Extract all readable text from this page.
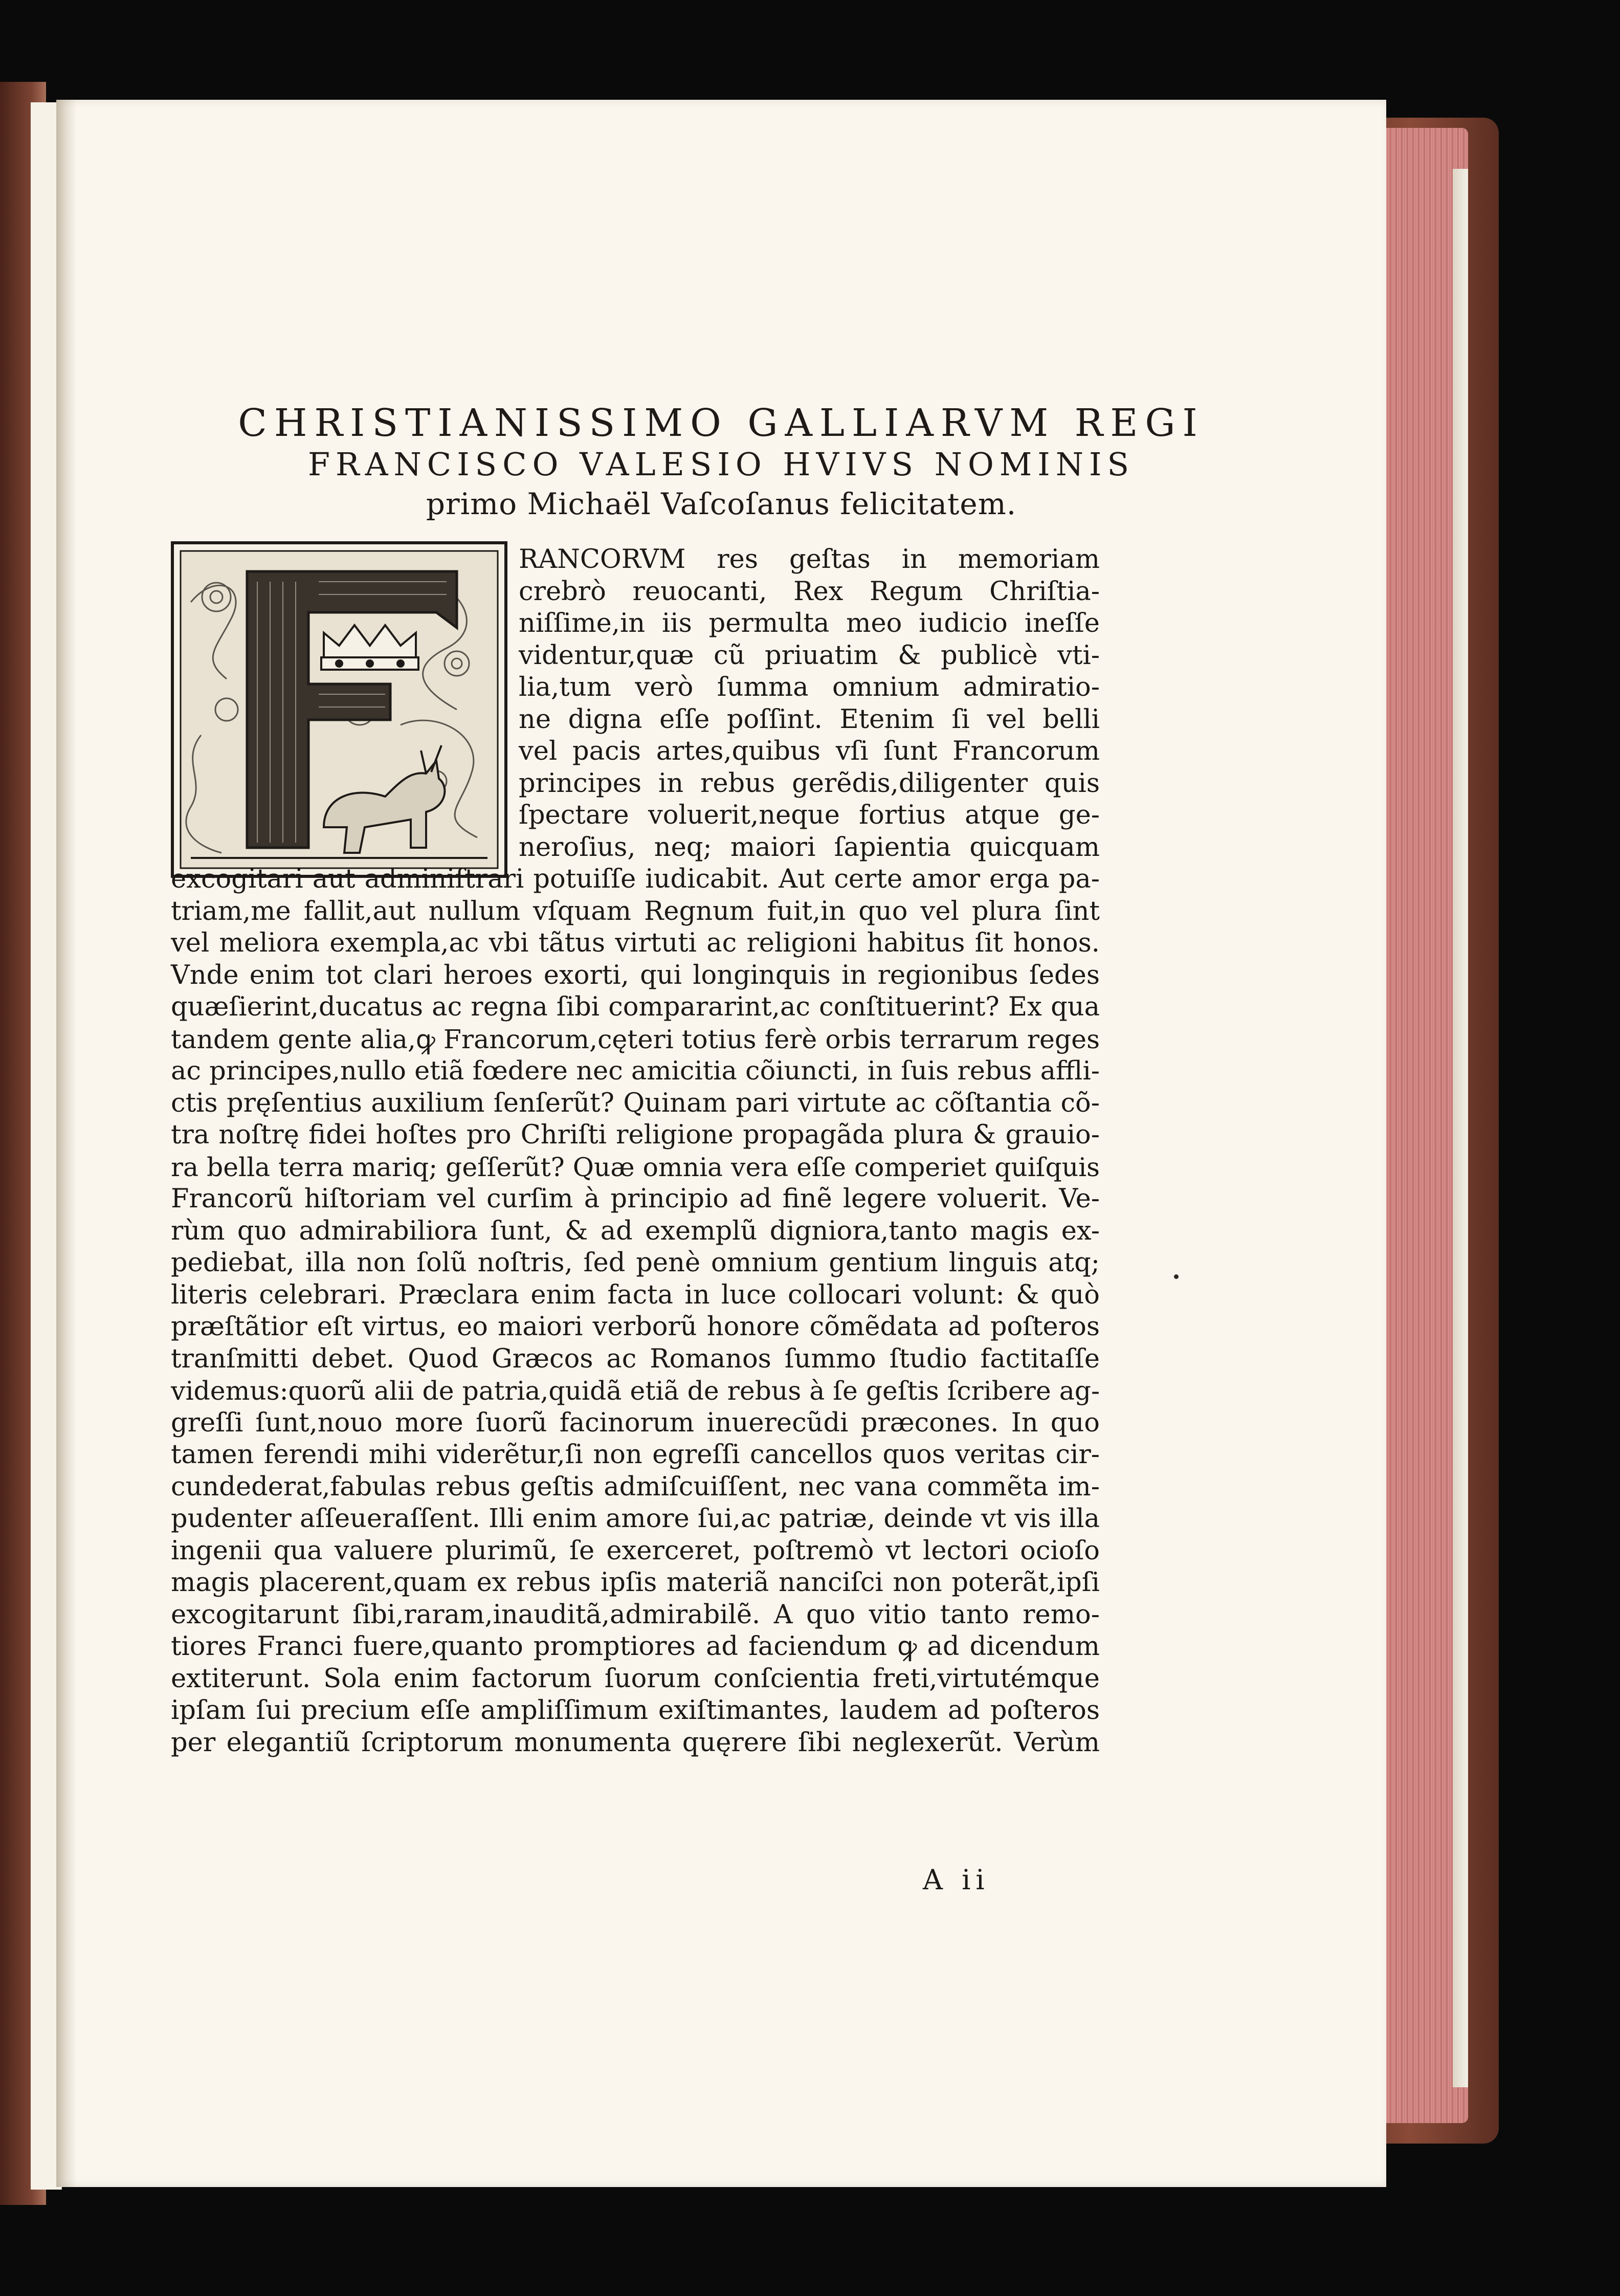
CHRISTIANISSIMO GALLIARVM REGI
FRANCISCO VALESIO HVIVS NOMINIS
primo Michaël Vaſcoſanus felicitatem.
RANCORVM res geſtas in memoriam
crebrò reuocanti, Rex Regum Chriſtia-
niſſime,in iis permulta meo iudicio ineſſe
videntur,quæ cũ priuatim & publicè vti-
lia,tum verò ſumma omnium admiratio-
ne digna eſſe poſſint. Etenim ſi vel belli
vel pacis artes,quibus vſi ſunt Francorum
principes in rebus gerẽdis,diligenter quis
ſpectare voluerit,neque fortius atque ge-
neroſius, neq; maiori ſapientia quicquam
excogitari aut adminiſtrari potuiſſe iudicabit. Aut certe amor erga pa-
triam,me fallit,aut nullum vſquam Regnum fuit,in quo vel plura ſint
vel meliora exempla,ac vbi tãtus virtuti ac religioni habitus ſit honos.
Vnde enim tot clari heroes exorti, qui longinquis in regionibus ſedes
quæſierint,ducatus ac regna ſibi compararint,ac conſtituerint? Ex qua
tandem gente alia,ꝙ Francorum,cęteri totius ferè orbis terrarum reges
ac principes,nullo etiã fœdere nec amicitia cõiuncti, in ſuis rebus affli-
ctis pręſentius auxilium ſenſerũt? Quinam pari virtute ac cõſtantia cõ-
tra noſtrę fidei hoſtes pro Chriſti religione propagãda plura & grauio-
ra bella terra mariq; geſſerũt? Quæ omnia vera eſſe comperiet quiſquis
Francorũ hiſtoriam vel curſim à principio ad finẽ legere voluerit. Ve-
rùm quo admirabiliora ſunt, & ad exemplũ digniora,tanto magis ex-
pediebat, illa non ſolũ noſtris, ſed penè omnium gentium linguis atq;
literis celebrari. Præclara enim facta in luce collocari volunt: & quò
præſtãtior eſt virtus, eo maiori verborũ honore cõmẽdata ad poſteros
tranſmitti debet. Quod Græcos ac Romanos ſummo ſtudio factitaſſe
videmus:quorũ alii de patria,quidã etiã de rebus à ſe geſtis ſcribere ag-
greſſi ſunt,nouo more ſuorũ facinorum inuerecũdi præcones. In quo
tamen ferendi mihi viderẽtur,ſi non egreſſi cancellos quos veritas cir-
cundederat,fabulas rebus geſtis admiſcuiſſent, nec vana commẽta im-
pudenter aſſeueraſſent. Illi enim amore ſui,ac patriæ, deinde vt vis illa
ingenii qua valuere plurimũ, ſe exerceret, poſtremò vt lectori ocioſo
magis placerent,quam ex rebus ipſis materiã nanciſci non poterãt,ipſi
excogitarunt ſibi,raram,inauditã,admirabilẽ. A quo vitio tanto remo-
tiores Franci fuere,quanto promptiores ad faciendum ꝙ ad dicendum
extiterunt. Sola enim factorum ſuorum conſcientia freti,virtutémque
ipſam ſui precium eſſe ampliſſimum exiſtimantes, laudem ad poſteros
per elegantiũ ſcriptorum monumenta quęrere ſibi neglexerũt. Verùm
A ii
